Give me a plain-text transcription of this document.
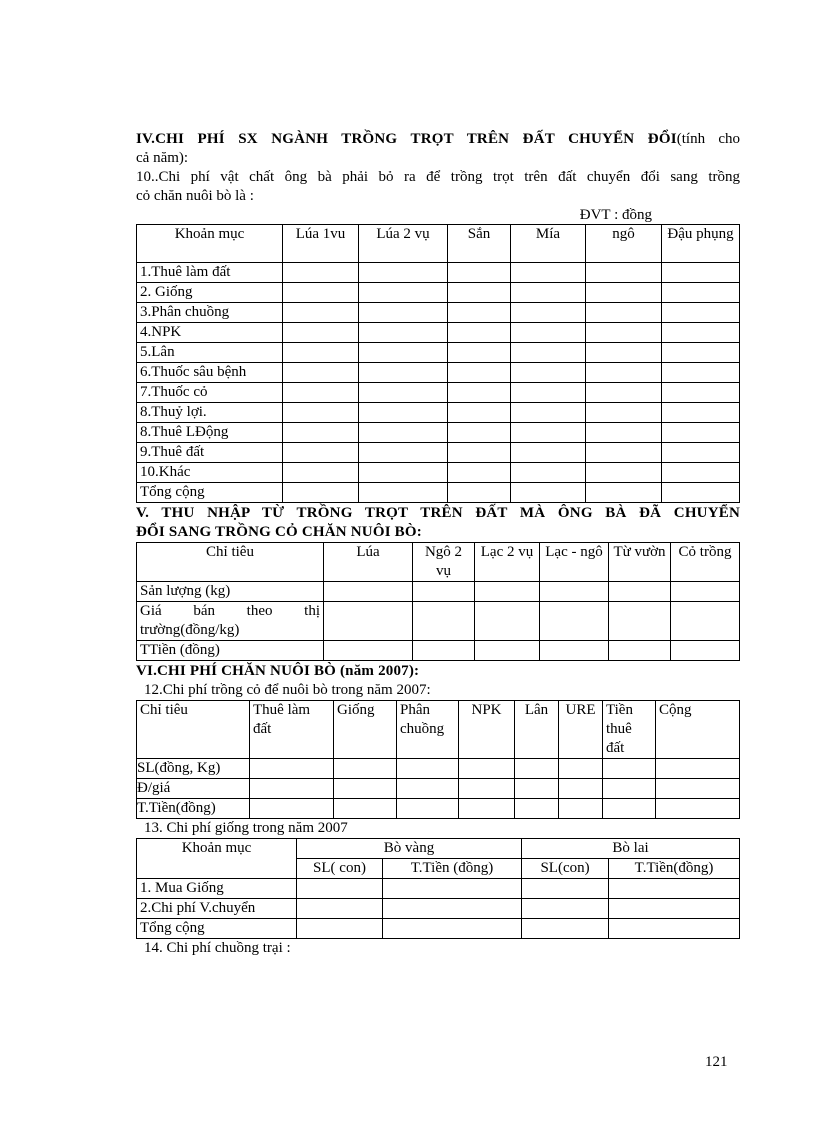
IV.CHI PHÍ SX NGÀNH TRỒNG TRỌT TRÊN ĐẤT CHUYỂN ĐỔI(tính cho
cả năm):
10..Chi phí vật chất ông bà phải bỏ ra để trồng trọt trên đất chuyển đổi sang trồng
cỏ chăn nuôi bò là :
ĐVT : đồng
Khoản mục	Lúa 1vu	Lúa 2 vụ	Sắn	Mía	ngô	Đậu phụng
1.Thuê làm đất						
2. Giống						
3.Phân chuồng						
4.NPK						
5.Lân						
6.Thuốc sâu bệnh						
7.Thuốc cỏ						
8.Thuỷ lợi.						
8.Thuê LĐộng						
9.Thuê đất						
10.Khác						
Tổng cộng						
V. THU NHẬP TỪ TRỒNG TRỌT TRÊN ĐẤT MÀ ÔNG BÀ ĐÃ CHUYỂN
ĐỔI SANG TRỒNG CỎ CHĂN NUÔI BÒ:
Chỉ tiêu	Lúa	Ngô 2 vụ	Lạc 2 vụ	Lạc - ngô	Từ vườn	Cỏ trồng
Sản lượng (kg)						
Giá bán theo thị trường(đồng/kg)						
TTiền (đồng)						
VI.CHI PHÍ CHĂN NUÔI BÒ (năm 2007):
12.Chi phí trồng cỏ để nuôi bò trong năm 2007:
Chỉ tiêu	Thuê làm đất	Giống	Phân chuồng	NPK	Lân	URE	Tiền thuê đất	Cộng
SL(đồng, Kg)								
Đ/giá								
T.Tiền(đồng)								
13. Chi phí giống trong năm 2007
Khoản mục	Bò vàng		Bò lai	
	SL( con)	T.Tiền (đồng)	SL(con)	T.Tiền(đồng)
1. Mua Giống				
2.Chi phí V.chuyển				
Tổng cộng				
14. Chi phí chuồng trại :
121
